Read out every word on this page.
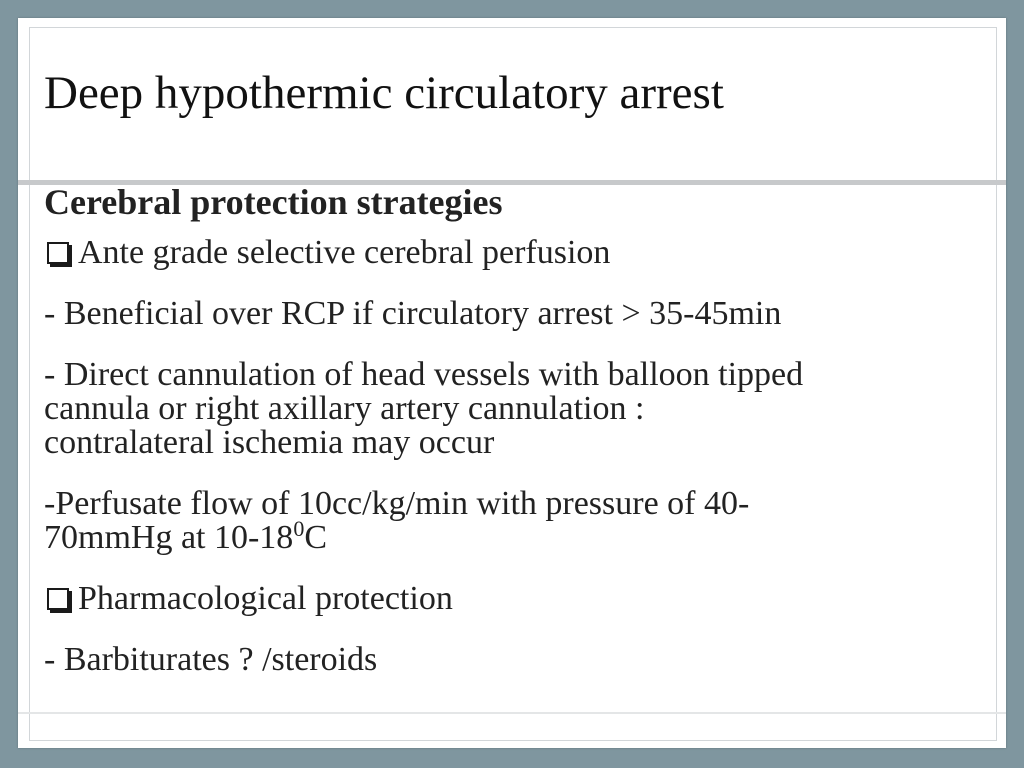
Deep hypothermic circulatory arrest
Cerebral protection strategies
Ante grade selective cerebral perfusion
- Beneficial over RCP if circulatory arrest > 35-45min
- Direct cannulation of head vessels with balloon tipped
cannula or right axillary artery cannulation :
contralateral ischemia may occur
-Perfusate flow of 10cc/kg/min with pressure of 40-
70mmHg at $10-18^0C$
Pharmacological protection
- Barbiturates ? /steroids
